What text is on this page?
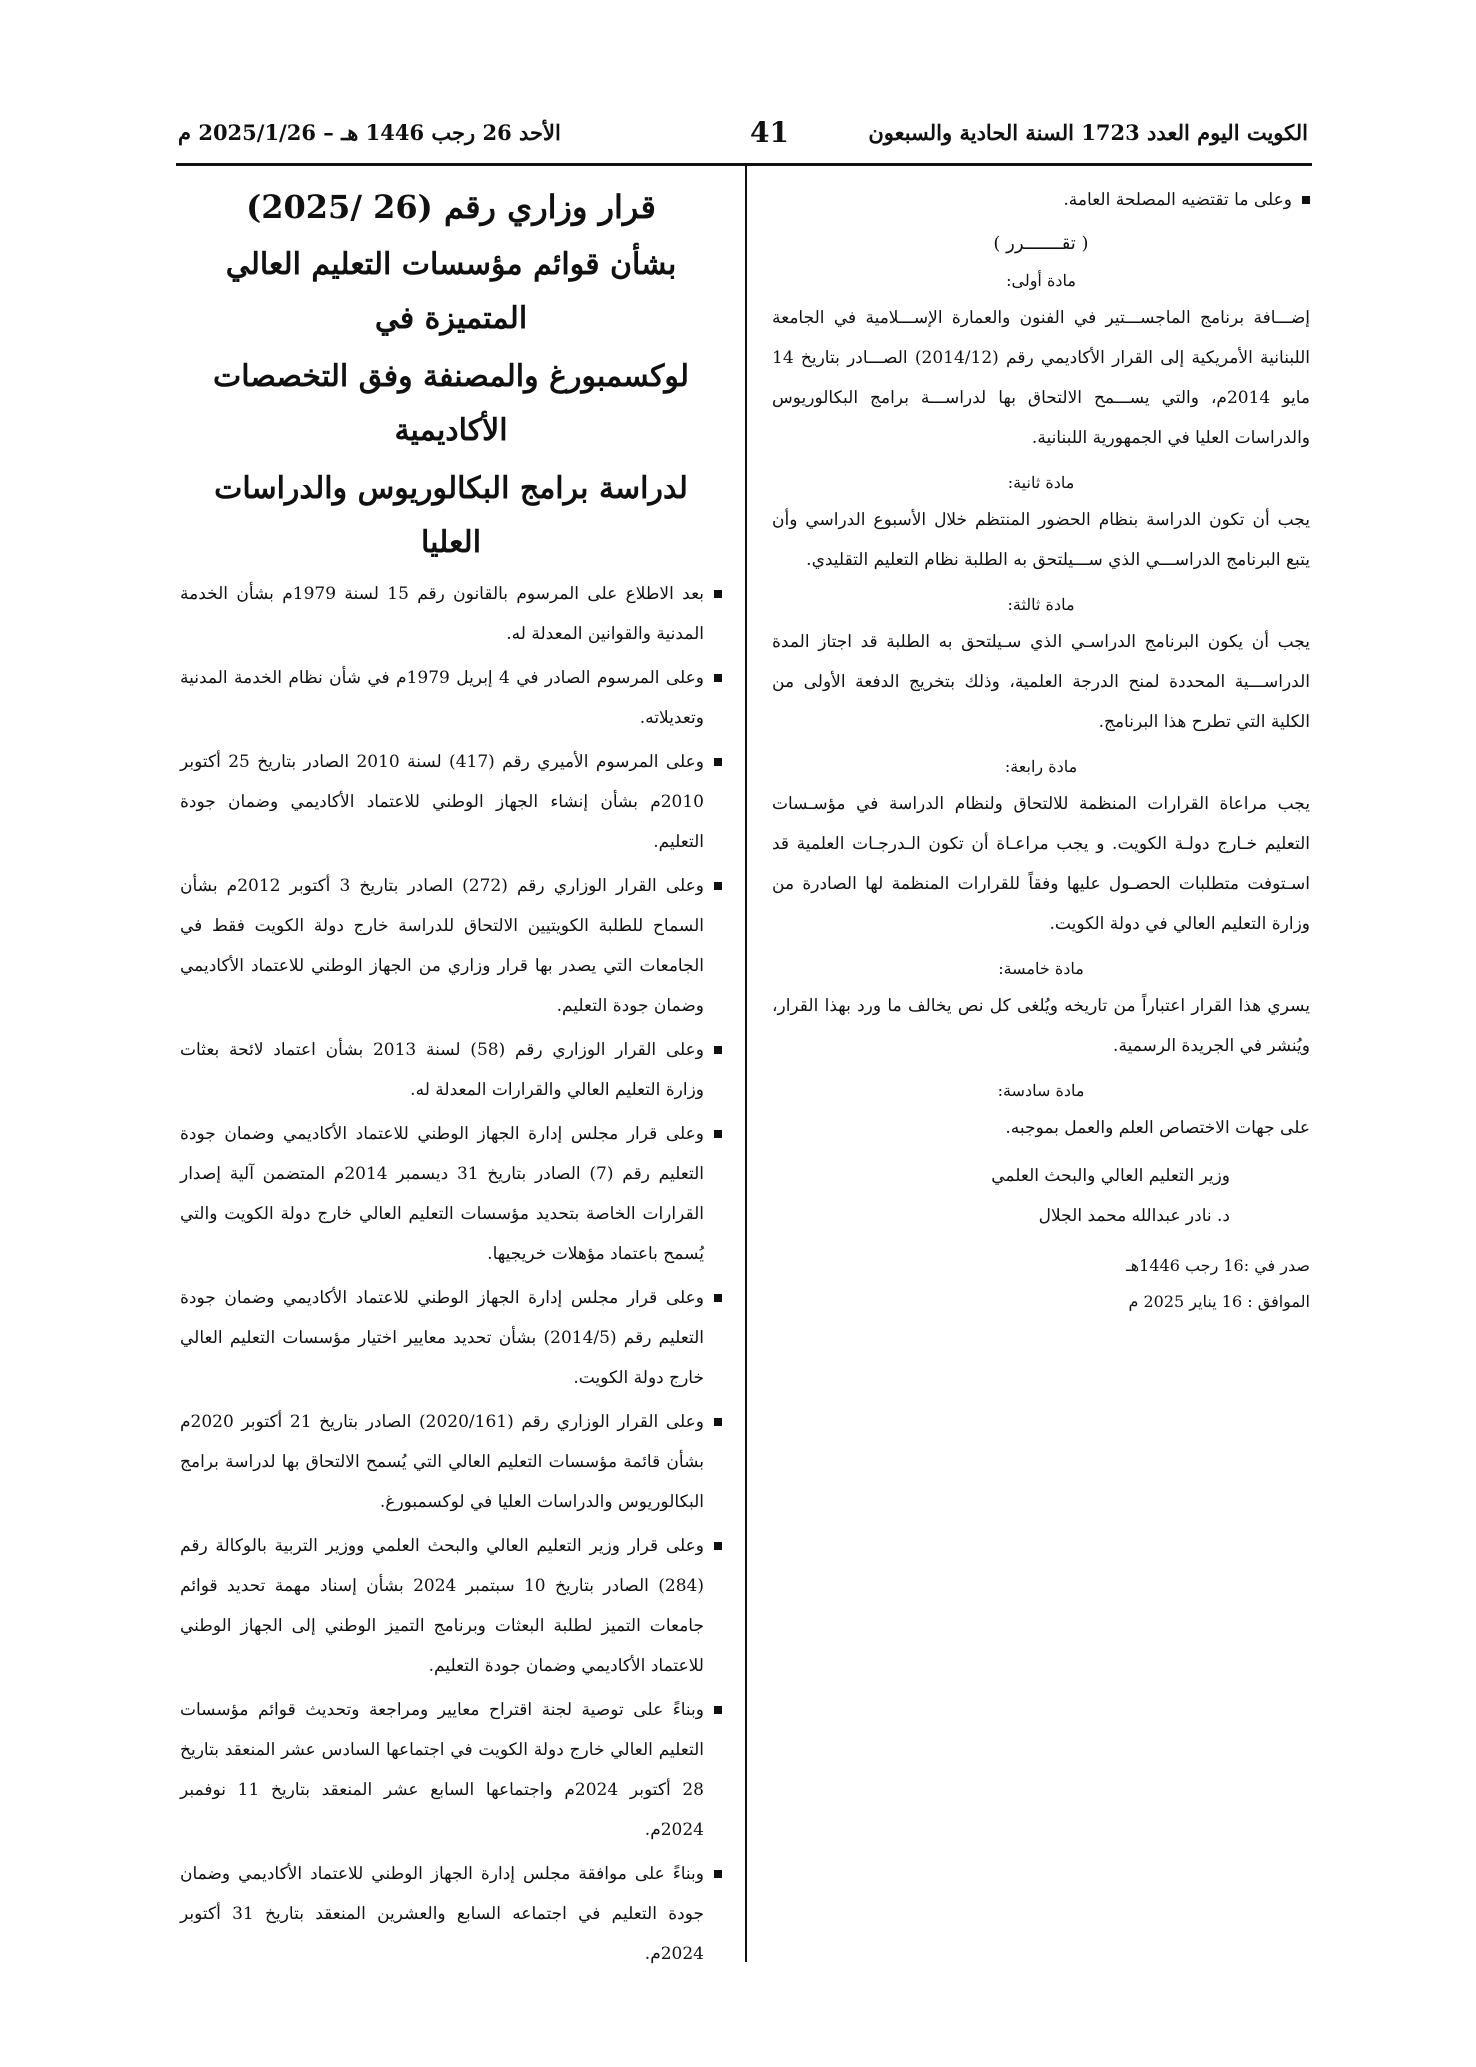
الأحد 26 رجب 1446 هـ – 2025/1/26 م	41	الكويت اليوم العدد 1723 السنة الحادية والسبعون
قرار وزاري رقم (26 /2025)
بشأن قوائم مؤسسات التعليم العالي المتميزة في
لوكسمبورغ والمصنفة وفق التخصصات الأكاديمية
لدراسة برامج البكالوريوس والدراسات العليا

بعد الاطلاع على المرسوم بالقانون رقم 15 لسنة 1979م بشأن الخدمة المدنية والقوانين المعدلة له.

وعلى المرسوم الصادر في 4 إبريل 1979م في شأن نظام الخدمة المدنية وتعديلاته.

وعلى المرسوم الأميري رقم (417) لسنة 2010 الصادر بتاريخ 25 أكتوبر 2010م بشأن إنشاء الجهاز الوطني للاعتماد الأكاديمي وضمان جودة التعليم.

وعلى القرار الوزاري رقم (272) الصادر بتاريخ 3 أكتوبر 2012م بشأن السماح للطلبة الكويتيين الالتحاق للدراسة خارج دولة الكويت فقط في الجامعات التي يصدر بها قرار وزاري من الجهاز الوطني للاعتماد الأكاديمي وضمان جودة التعليم.

وعلى القرار الوزاري رقم (58) لسنة 2013 بشأن اعتماد لائحة بعثات وزارة التعليم العالي والقرارات المعدلة له.

وعلى قرار مجلس إدارة الجهاز الوطني للاعتماد الأكاديمي وضمان جودة التعليم رقم (7) الصادر بتاريخ 31 ديسمبر 2014م المتضمن آلية إصدار القرارات الخاصة بتحديد مؤسسات التعليم العالي خارج دولة الكويت والتي يُسمح باعتماد مؤهلات خريجيها.

وعلى قرار مجلس إدارة الجهاز الوطني للاعتماد الأكاديمي وضمان جودة التعليم رقم (2014/5) بشأن تحديد معايير اختيار مؤسسات التعليم العالي خارج دولة الكويت.

وعلى القرار الوزاري رقم (2020/161) الصادر بتاريخ 21 أكتوبر 2020م بشأن قائمة مؤسسات التعليم العالي التي يُسمح الالتحاق بها لدراسة برامج البكالوريوس والدراسات العليا في لوكسمبورغ.

وعلى قرار وزير التعليم العالي والبحث العلمي ووزير التربية بالوكالة رقم (284) الصادر بتاريخ 10 سبتمبر 2024 بشأن إسناد مهمة تحديد قوائم جامعات التميز لطلبة البعثات وبرنامج التميز الوطني إلى الجهاز الوطني للاعتماد الأكاديمي وضمان جودة التعليم.

وبناءً على توصية لجنة اقتراح معايير ومراجعة وتحديث قوائم مؤسسات التعليم العالي خارج دولة الكويت في اجتماعها السادس عشر المنعقد بتاريخ 28 أكتوبر 2024م واجتماعها السابع عشر المنعقد بتاريخ 11 نوفمبر 2024م.

وبناءً على موافقة مجلس إدارة الجهاز الوطني للاعتماد الأكاديمي وضمان جودة التعليم في اجتماعه السابع والعشرين المنعقد بتاريخ 31 أكتوبر 2024م.

وعلى ما تقتضيه المصلحة العامة.

( تقـــــــرر )

مادة أولى:

إضـــافة برنامج الماجســـتير في الفنون والعمارة الإســـلامية في الجامعة اللبنانية الأمريكية إلى القرار الأكاديمي رقم (2014/12) الصـــادر بتاريخ 14 مايو 2014م، والتي يســـمح الالتحاق بها لدراســـة برامج البكالوريوس والدراسات العليا في الجمهورية اللبنانية.

مادة ثانية:

يجب أن تكون الدراسة بنظام الحضور المنتظم خلال الأسبوع الدراسي وأن يتبع البرنامج الدراســـي الذي ســـيلتحق به الطلبة نظام التعليم التقليدي.

مادة ثالثة:

يجب أن يكون البرنامج الدراسـي الذي سـيلتحق به الطلبة قد اجتاز المدة الدراســـية المحددة لمنح الدرجة العلمية، وذلك بتخريج الدفعة الأولى من الكلية التي تطرح هذا البرنامج.

مادة رابعة:

يجب مراعاة القرارات المنظمة للالتحاق ولنظام الدراسة في مؤسـسات التعليم خـارج دولـة الكويت. و يجب مراعـاة أن تكون الـدرجـات العلمية قد اسـتوفت متطلبات الحصـول عليها وفقاً للقرارات المنظمة لها الصادرة من وزارة التعليم العالي في دولة الكويت.

مادة خامسة:

يسري هذا القرار اعتباراً من تاريخه ويُلغى كل نص يخالف ما ورد بهذا القرار، ويُنشر في الجريدة الرسمية.

مادة سادسة:

على جهات الاختصاص العلم والعمل بموجبه.

وزير التعليم العالي والبحث العلمي

د. نادر عبدالله محمد الجلال

صدر في :16 رجب 1446هـ

الموافق : 16 يناير 2025 م
